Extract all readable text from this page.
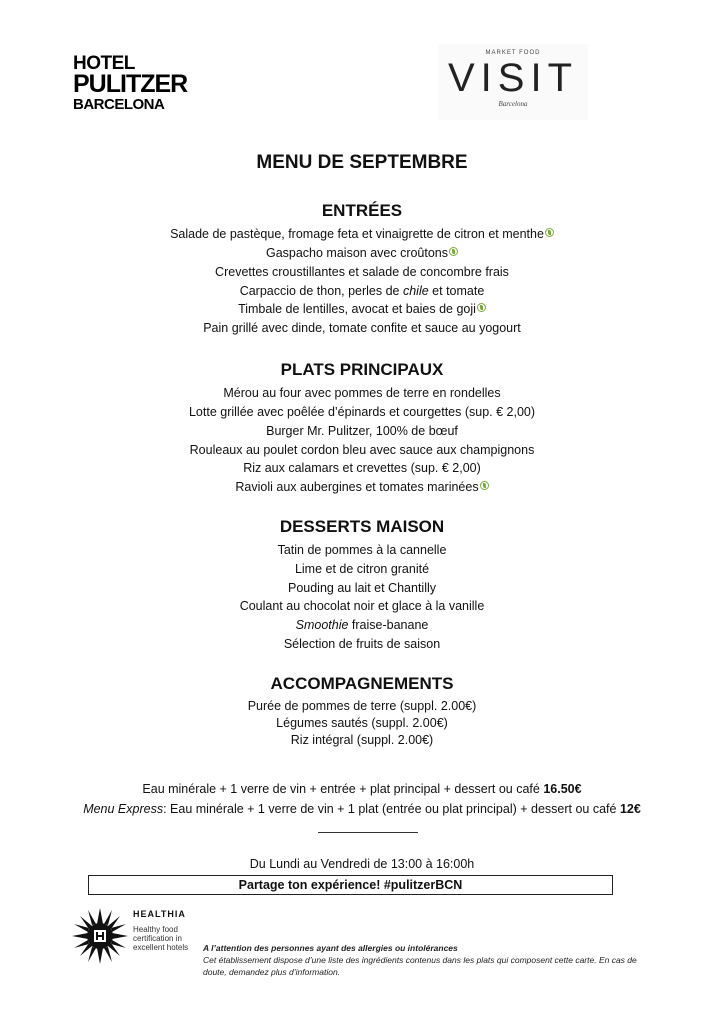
HOTEL
PULITZER
BARCELONA
MARKET FOOD
VISIT
Barcelona
MENU DE SEPTEMBRE
ENTRÉES
Salade de pastèque, fromage feta et vinaigrette de citron et menthe
Gaspacho maison avec croûtons
Crevettes croustillantes et salade de concombre frais
Carpaccio de thon, perles de chile et tomate
Timbale de lentilles, avocat et baies de goji
Pain grillé avec dinde, tomate confite et sauce au yogourt
PLATS PRINCIPAUX
Mérou au four avec pommes de terre en rondelles
Lotte grillée avec poêlée d’épinards et courgettes (sup. € 2,00)
Burger Mr. Pulitzer, 100% de bœuf
Rouleaux au poulet cordon bleu avec sauce aux champignons
Riz aux calamars et crevettes (sup. € 2,00)
Ravioli aux aubergines et tomates marinées
DESSERTS MAISON
Tatin de pommes à la cannelle
Lime et de citron granité
Pouding au lait et Chantilly
Coulant au chocolat noir et glace à la vanille
Smoothie fraise-banane
Sélection de fruits de saison
ACCOMPAGNEMENTS
Purée de pommes de terre (suppl. 2.00€)
Légumes sautés (suppl. 2.00€)
Riz intégral (suppl. 2.00€)
Eau minérale + 1 verre de vin + entrée + plat principal + dessert ou café 16.50€
Menu Express: Eau minérale + 1 verre de vin + 1 plat (entrée ou plat principal) + dessert ou café 12€
Du Lundi au Vendredi de 13:00 à 16:00h
Partage ton expérience! #pulitzerBCN
HEALTHIA
Healthy food certification in excellent hotels	A l’attention des personnes ayant des allergies ou intolérances
Cet établissement dispose d’une liste des ingrédients contenus dans les plats qui composent cette carte. En cas de doute, demandez plus d’information.
